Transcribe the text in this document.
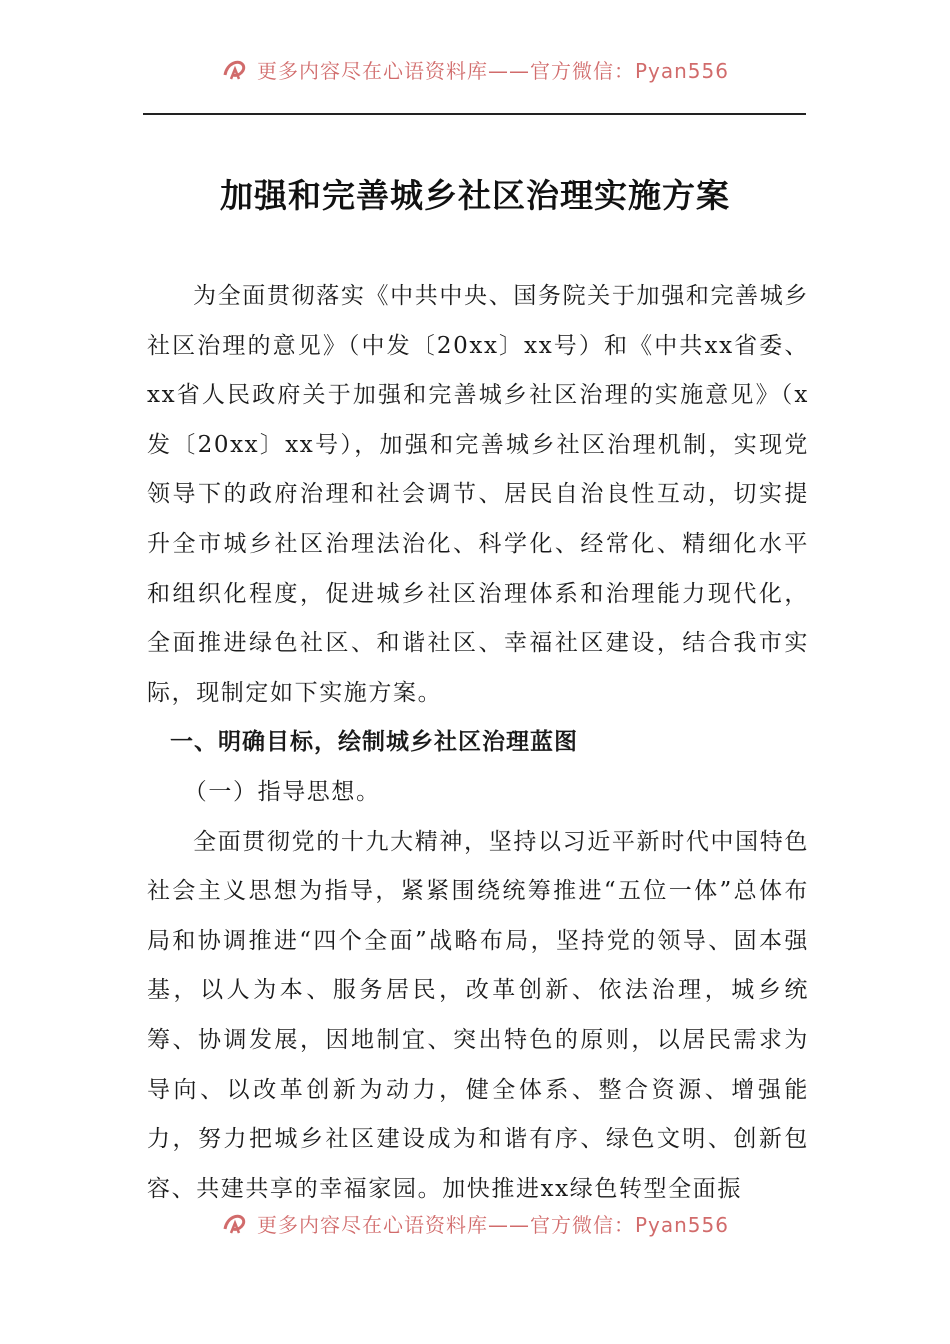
更多内容尽在心语资料库——官方微信：Pyan556
加强和完善城乡社区治理实施方案

为全面贯彻落实《中共中央、国务院关于加强和完善城乡社区治理的意见》（中发〔20xx〕xx号）和《中共xx省委、xx省人民政府关于加强和完善城乡社区治理的实施意见》（x发〔20xx〕xx号），加强和完善城乡社区治理机制，实现党领导下的政府治理和社会调节、居民自治良性互动，切实提升全市城乡社区治理法治化、科学化、经常化、精细化水平和组织化程度，促进城乡社区治理体系和治理能力现代化，全面推进绿色社区、和谐社区、幸福社区建设，结合我市实际，现制定如下实施方案。

一、明确目标，绘制城乡社区治理蓝图
（一）指导思想。

全面贯彻党的十九大精神，坚持以习近平新时代中国特色社会主义思想为指导，紧紧围绕统筹推进“五位一体”总体布局和协调推进“四个全面”战略布局，坚持党的领导、固本强基，以人为本、服务居民，改革创新、依法治理，城乡统筹、协调发展，因地制宜、突出特色的原则，以居民需求为导向、以改革创新为动力，健全体系、整合资源、增强能力，努力把城乡社区建设成为和谐有序、绿色文明、创新包容、共建共享的幸福家园。加快推进xx绿色转型全面振

更多内容尽在心语资料库——官方微信：Pyan556
